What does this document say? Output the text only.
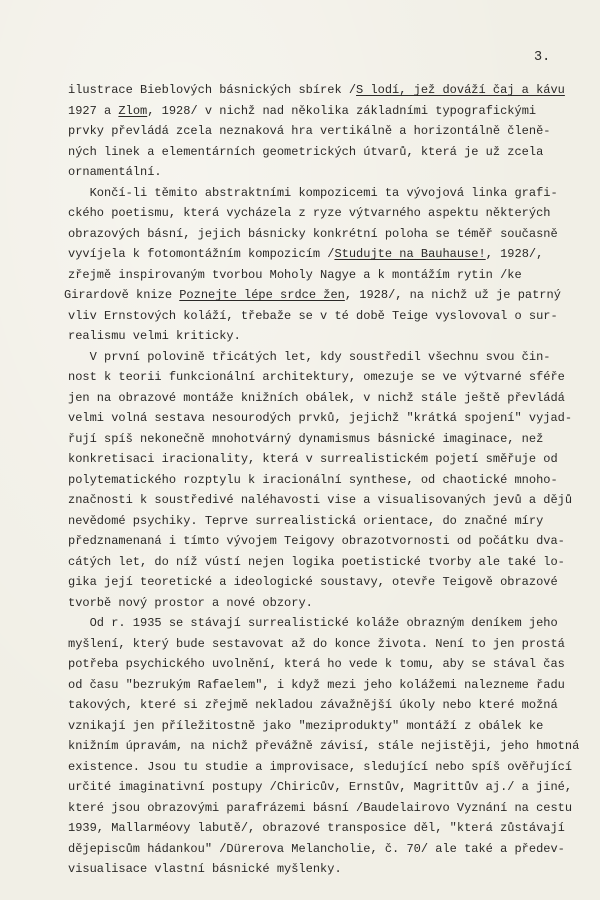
3.
ilustrace Bieblových básnických sbírek /S lodí, jež dováží čaj a kávu
1927 a Zlom, 1928/ v nichž nad několika základními typografickými
prvky převládá zcela neznaková hra vertikálně a horizontálně členě-
ných linek a elementárních geometrických útvarů, která je už zcela
ornamentální.
Končí-li těmito abstraktními kompozicemi ta vývojová linka grafi-
ckého poetismu, která vycházela z ryze výtvarného aspektu některých
obrazových básní, jejich básnicky konkrétní poloha se téměř současně
vyvíjela k fotomontážním kompozicím /Studujte na Bauhause!, 1928/,
zřejmě inspirovaným tvorbou Moholy Nagye a k montážím rytin /ke
Girardově knize Poznejte lépe srdce žen, 1928/, na nichž už je patrný
vliv Ernstových koláží, třebaže se v té době Teige vyslovoval o sur-
realismu velmi kriticky.
V první polovině třicátých let, kdy soustředil všechnu svou čin-
nost k teorii funkcionální architektury, omezuje se ve výtvarné sféře
jen na obrazové montáže knižních obálek, v nichž stále ještě převládá
velmi volná sestava nesourodých prvků, jejichž "krátká spojení" vyjad-
řují spíš nekonečně mnohotvárný dynamismus básnické imaginace, než
konkretisaci iracionality, která v surrealistickém pojetí směřuje od
polytematického rozptylu k iracionální synthese, od chaotické mnoho-
značnosti k soustředivé naléhavosti vise a visualisovaných jevů a dějů
nevědomé psychiky. Teprve surrealistická orientace, do značné míry
předznamenaná i tímto vývojem Teigovy obrazotvornosti od počátku dva-
cátých let, do níž vústí nejen logika poetistické tvorby ale také lo-
gika její teoretické a ideologické soustavy, otevře Teigově obrazové
tvorbě nový prostor a nové obzory.
Od r. 1935 se stávají surrealistické koláže obrazným deníkem jeho
myšlení, který bude sestavovat až do konce života. Není to jen prostá
potřeba psychického uvolnění, která ho vede k tomu, aby se stával čas
od času "bezrukým Rafaelem", i když mezi jeho kolážemi nalezneme řadu
takových, které si zřejmě nekladou závažnější úkoly nebo které možná
vznikají jen příležitostně jako "meziprodukty" montáží z obálek ke
knižním úpravám, na nichž převážně závisí, stále nejistěji, jeho hmotná
existence. Jsou tu studie a improvisace, sledující nebo spíš ověřující
určité imaginativní postupy /Chiricův, Ernstův, Magrittův aj./ a jiné,
které jsou obrazovými parafrázemi básní /Baudelairovo Vyznání na cestu
1939, Mallarméovy labutě/, obrazové transposice děl, "která zůstávají
dějepiscům hádankou" /Dürerova Melancholie, č. 70/ ale také a předev-
visualisace vlastní básnické myšlenky.
